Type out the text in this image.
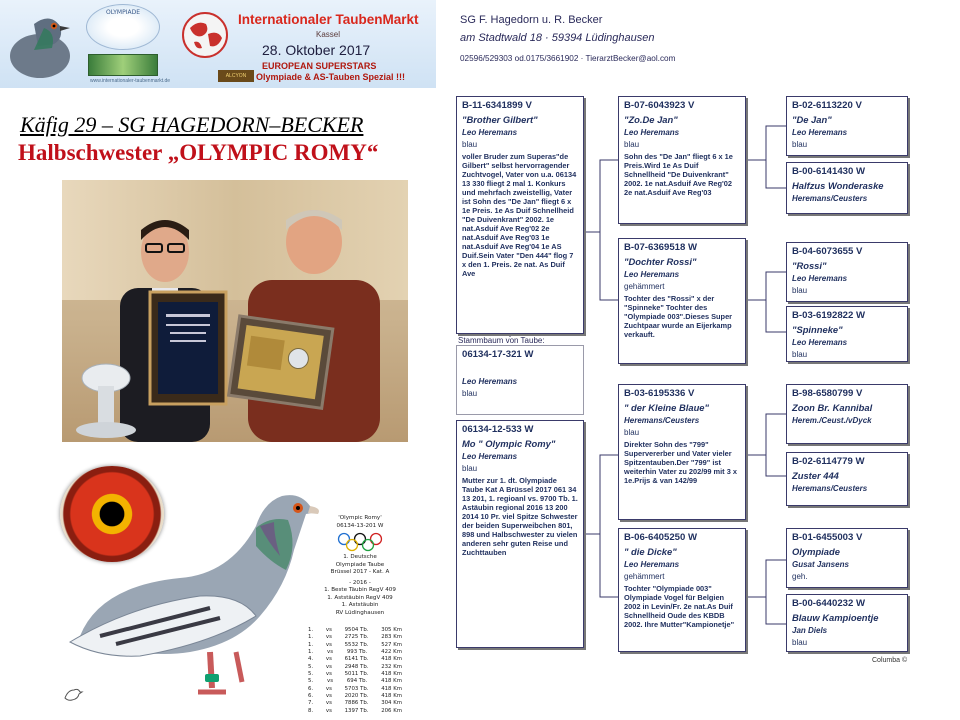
OLYMPIADE
www.internationaler-taubenmarkt.de
Internationaler TaubenMarkt
Kassel
28. Oktober 2017
ALCYON
EUROPEAN SUPERSTARS
Olympiade & AS-Tauben Spezial !!!
Käfig 29 – SG HAGEDORN–BECKER
Halbschwester „OLYMPIC ROMY“
'Olympic Romy'
06134-13-201 W
1. Deutsche
Olympiade Taube
Brüssel 2017 - Kat. A
- 2016 -
1. Beste Täubin RegV 409
1. Aststäubin RegV 409
1. Aststäubin
RV Lüdinghausen
1. vs 9504 Tb. 305 Km
1. vs 2725 Tb. 283 Km
1. vs 5532 Tb. 527 Km
1.	vs	993 Tb.	422 Km
4. vs 6141 Tb. 418 Km
5. vs 2948 Tb. 232 Km
5. vs 5011 Tb. 418 Km
5.	vs	694 Tb.	418 Km
6. vs 5703 Tb. 418 Km
6. vs 2020 Tb. 418 Km
7. vs 7886 Tb. 304 Km
8. vs 1397 Tb. 206 Km
SG F. Hagedorn u. R. Becker
am Stadtwald 18 · 59394 Lüdinghausen
02596/529303 od.0175/3661902 · TierarztBecker@aol.com
B-11-6341899 V
"Brother Gilbert"
Leo Heremans
blau
voller Bruder zum Superas"de Gilbert" selbst hervorragender Zuchtvogel, Vater von u.a. 06134 13 330 fliegt 2 mal 1. Konkurs und mehrfach zweistellig, Vater ist Sohn des "De Jan" fliegt 6 x 1e Preis. 1e As Duif Schnellheid "De Duivenkrant" 2002. 1e nat.Asduif Ave Reg'02 2e nat.Asduif Ave Reg'03 1e nat.Asduif Ave Reg'04 1e AS Duif.Sein Vater "Den 444" flog 7 x den 1. Preis. 2e nat. As Duif Ave
Stammbaum von Taube:
06134-17-321 W

Leo Heremans
blau

06134-12-533 W
Mo " Olympic Romy"
Leo Heremans
blau
Mutter zur 1. dt. Olympiade Taube Kat A Brüssel 2017 061 34 13 201, 1. regioanl vs. 9700 Tb. 1. Astäubin regional 2016 13 200 2014 10 Pr. viel Spitze Schwester der beiden Superweibchen 801, 898 und Halbschwester zu vielen anderen sehr guten Reise und Zuchttauben
B-07-6043923 V
"Zo.De Jan"
Leo Heremans
blau
Sohn des "De Jan" fliegt 6 x 1e Preis.Wird 1e As Duif Schnellheid "De Duivenkrant" 2002. 1e nat.Asduif Ave Reg'02 2e nat.Asduif Ave Reg'03
B-07-6369518 W
"Dochter Rossi"
Leo Heremans
gehämmert
Tochter des "Rossi" x der "Spinneke" Tochter des "Olympiade 003".Dieses Super Zuchtpaar wurde an Eijerkamp verkauft.
B-03-6195336 V
" der Kleine Blaue"
Heremans/Ceusters
blau
Direkter Sohn des "799" Supervererber und Vater vieler Spitzentauben.Der "799" ist weiterhin Vater zu 202/99 mit 3 x 1e.Prijs & van 142/99
B-06-6405250 W
" die Dicke"
Leo Heremans
gehämmert
Tochter "Olympiade 003" Olympiade Vogel für Belgien 2002 in Levin/Fr. 2e nat.As Duif Schnellheid Oude des KBDB 2002. Ihre Mutter"Kampionetje"
B-02-6113220 V
"De Jan"
Leo Heremans
blau
B-00-6141430 W
Halfzus Wonderaske
Heremans/Ceusters

B-04-6073655 V
"Rossi"
Leo Heremans
blau
B-03-6192822 W
"Spinneke"
Leo Heremans
blau
B-98-6580799 V
Zoon Br. Kannibal
Herem./Ceust./vDyck

B-02-6114779 W
Zuster 444
Heremans/Ceusters

B-01-6455003 V
Olympiade
Gusat Jansens
geh.
B-00-6440232 W
Blauw Kampioentje
Jan Diels
blau
Columba ©
